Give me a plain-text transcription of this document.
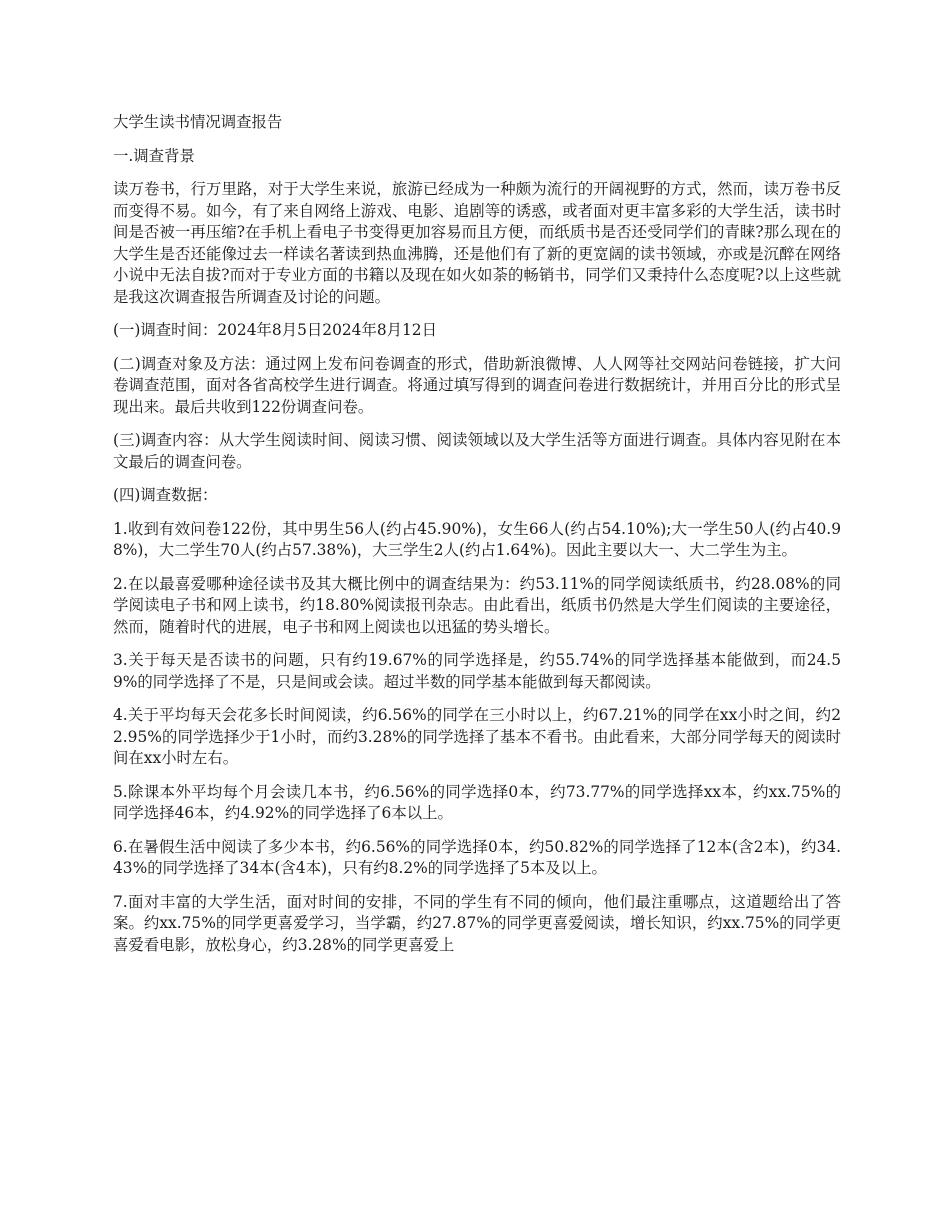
大学生读书情况调查报告

一.调查背景

读万卷书，行万里路，对于大学生来说，旅游已经成为一种颇为流行的开阔视野的方式，然而，读万卷书反而变得不易。如今，有了来自网络上游戏、电影、追剧等的诱惑，或者面对更丰富多彩的大学生活，读书时间是否被一再压缩?在手机上看电子书变得更加容易而且方便，而纸质书是否还受同学们的青睐?那么现在的大学生是否还能像过去一样读名著读到热血沸腾，还是他们有了新的更宽阔的读书领域，亦或是沉醉在网络小说中无法自拔?而对于专业方面的书籍以及现在如火如荼的畅销书，同学们又秉持什么态度呢?以上这些就是我这次调查报告所调查及讨论的问题。

(一)调查时间：2024年8月5日2024年8月12日

(二)调查对象及方法：通过网上发布问卷调查的形式，借助新浪微博、人人网等社交网站问卷链接，扩大问卷调查范围，面对各省高校学生进行调查。将通过填写得到的调查问卷进行数据统计，并用百分比的形式呈现出来。最后共收到122份调查问卷。

(三)调查内容：从大学生阅读时间、阅读习惯、阅读领域以及大学生活等方面进行调查。具体内容见附在本文最后的调查问卷。

(四)调查数据：

1.收到有效问卷122份，其中男生56人(约占45.90%)，女生66人(约占54.10%);大一学生50人(约占40.98%)，大二学生70人(约占57.38%)，大三学生2人(约占1.64%)。因此主要以大一、大二学生为主。

2.在以最喜爱哪种途径读书及其大概比例中的调查结果为：约53.11%的同学阅读纸质书，约28.08%的同学阅读电子书和网上读书，约18.80%阅读报刊杂志。由此看出，纸质书仍然是大学生们阅读的主要途径，然而，随着时代的进展，电子书和网上阅读也以迅猛的势头增长。

3.关于每天是否读书的问题，只有约19.67%的同学选择是，约55.74%的同学选择基本能做到，而24.59%的同学选择了不是，只是间或会读。超过半数的同学基本能做到每天都阅读。

4.关于平均每天会花多长时间阅读，约6.56%的同学在三小时以上，约67.21%的同学在xx小时之间，约22.95%的同学选择少于1小时，而约3.28%的同学选择了基本不看书。由此看来，大部分同学每天的阅读时间在xx小时左右。

5.除课本外平均每个月会读几本书，约6.56%的同学选择0本，约73.77%的同学选择xx本，约xx.75%的同学选择46本，约4.92%的同学选择了6本以上。

6.在暑假生活中阅读了多少本书，约6.56%的同学选择0本，约50.82%的同学选择了12本(含2本)，约34.43%的同学选择了34本(含4本)，只有约8.2%的同学选择了5本及以上。

7.面对丰富的大学生活，面对时间的安排，不同的学生有不同的倾向，他们最注重哪点，这道题给出了答案。约xx.75%的同学更喜爱学习，当学霸，约27.87%的同学更喜爱阅读，增长知识，约xx.75%的同学更喜爱看电影，放松身心，约3.28%的同学更喜爱上
